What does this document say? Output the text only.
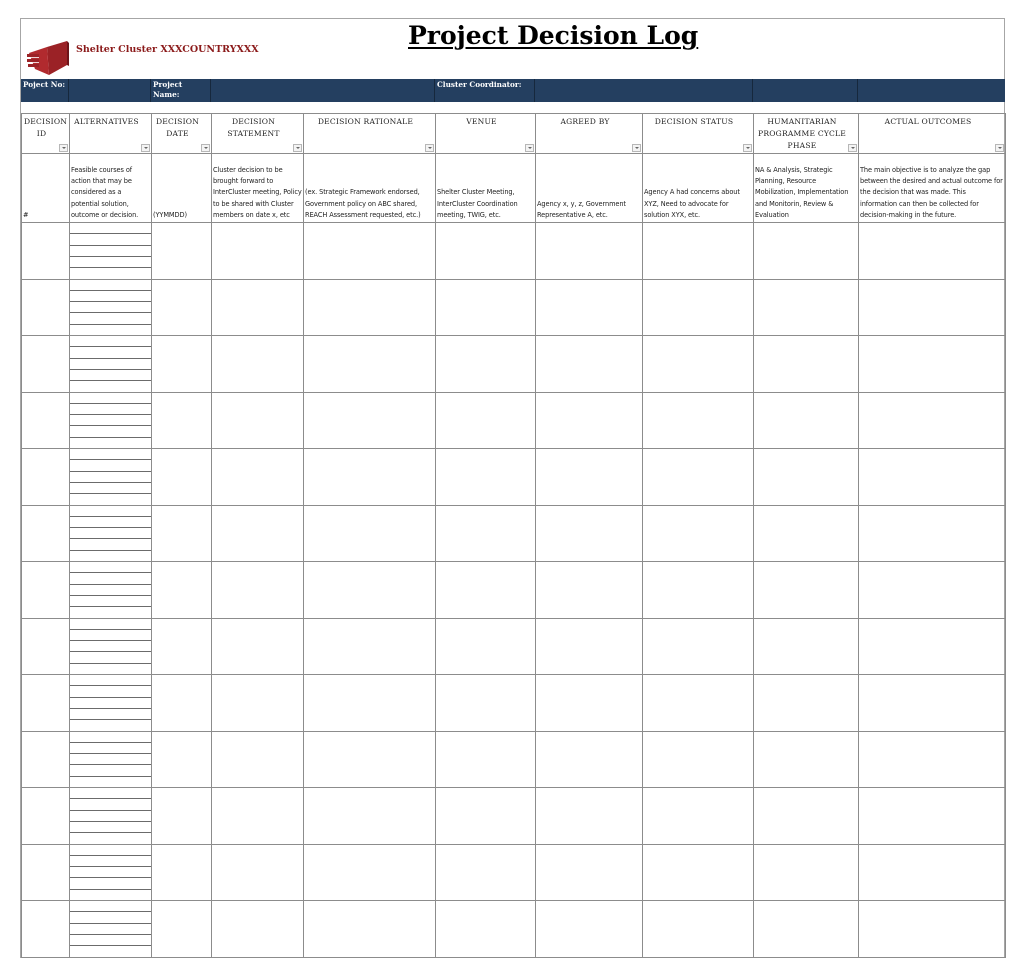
Shelter Cluster XXXCOUNTRYXXX	Project Decision Log
Poject No:	Project Name:
Cluster Coordinator:
DECISION ID	ALTERNATIVES	DECISION DATE	DECISION STATEMENT	DECISION RATIONALE	VENUE	AGREED BY	DECISION STATUS	HUMANITARIAN PROGRAMME CYCLE PHASE	ACTUAL OUTCOMES

#	Feasible courses of action that may be considered as a potential solution, outcome or decision.	(YYMMDD)	Cluster decision to be brought forward to InterCluster meeting, Policy to be shared with Cluster members on date x, etc	(ex. Strategic Framework endorsed, Government policy on ABC shared, REACH Assessment requested, etc.)	Shelter Cluster Meeting, InterCluster Coordination meeting, TWIG, etc.	Agency x, y, z, Government Representative A, etc.	Agency A had concerns about XYZ, Need to advocate for solution XYX, etc.	NA & Analysis, Strategic Planning, Resource Mobilization, Implementation and Monitorin, Review & Evaluation	The main objective is to analyze the gap between the desired and actual outcome for the decision that was made. This information can then be collected for decision-making in the future.
